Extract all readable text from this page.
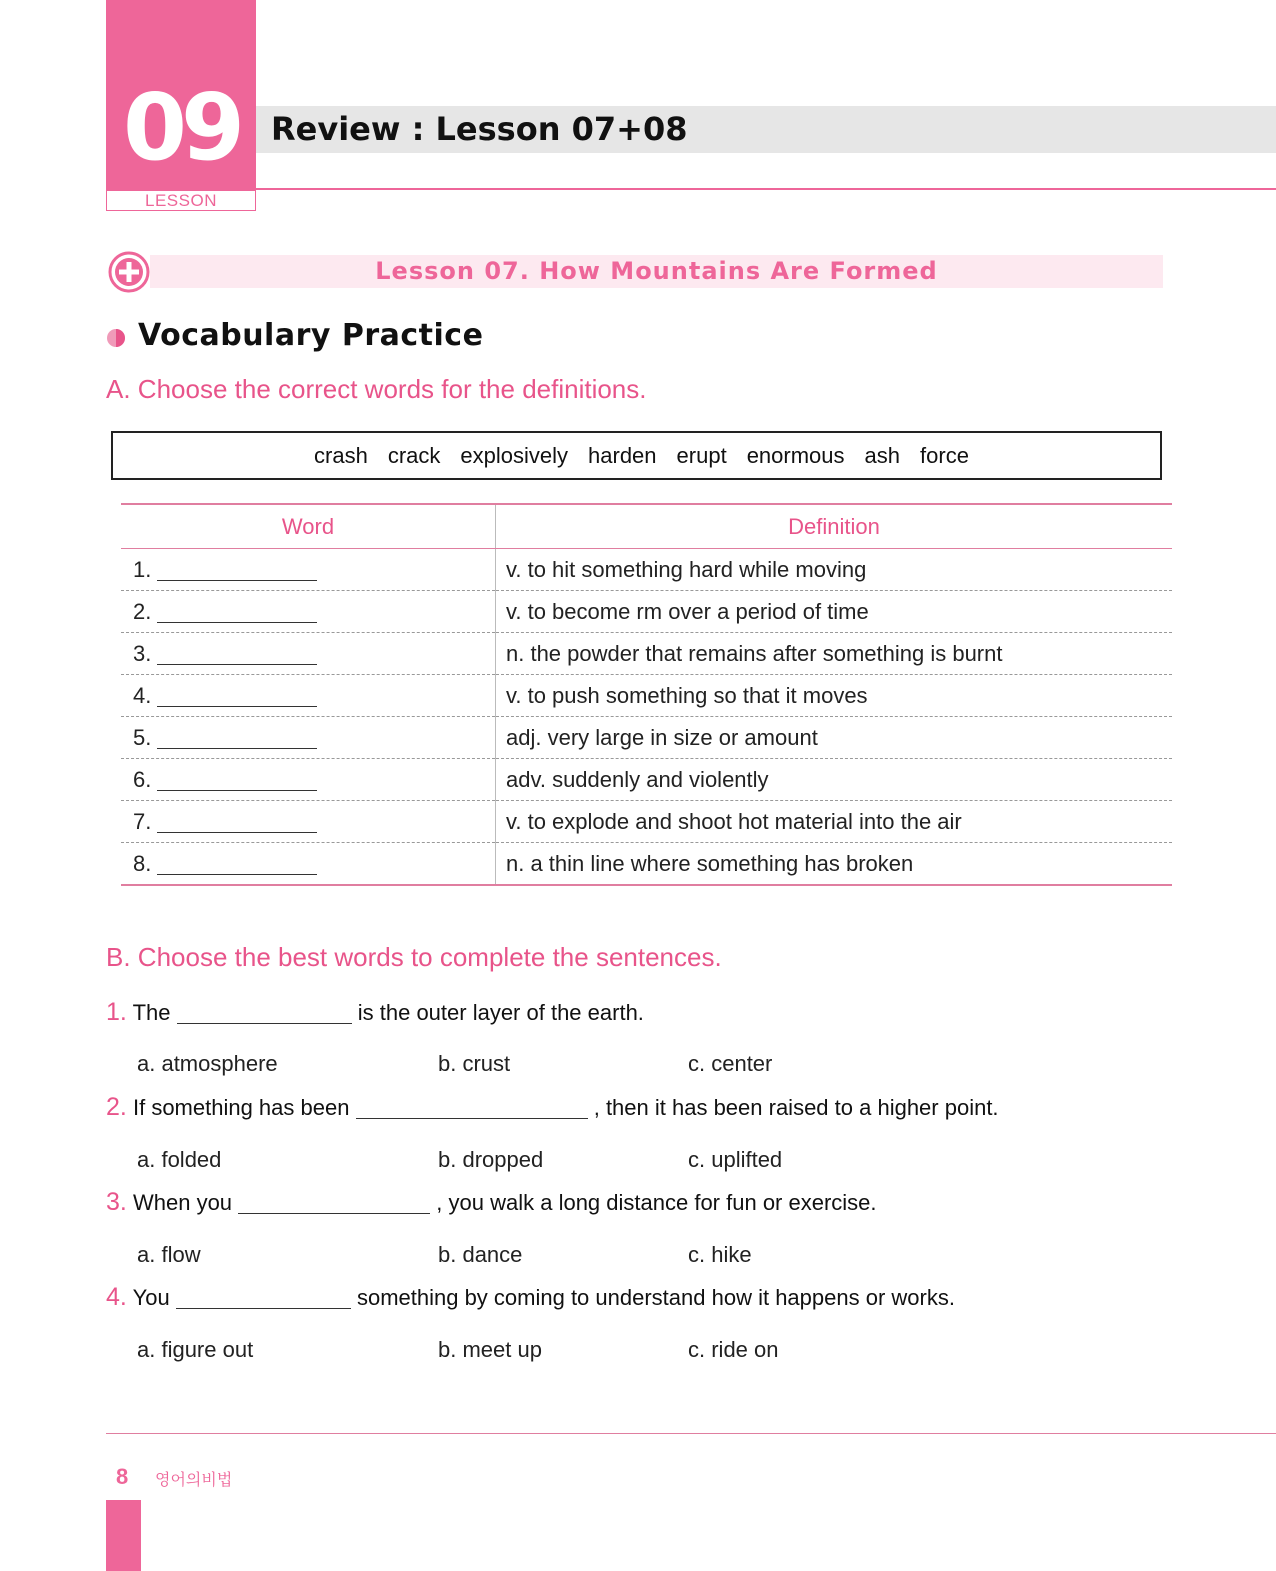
09
LESSON
Review : Lesson 07+08
Lesson 07. How Mountains Are Formed
Vocabulary Practice
A. Choose the correct words for the definitions.
crash crack explosively harden erupt enormous ash force
Word	Definition
1.	v. to hit something hard while moving
2.	v. to become rm over a period of time
3.	n. the powder that remains after something is burnt
4.	v. to push something so that it moves
5.	adj. very large in size or amount
6.	adv. suddenly and violently
7.	v. to explode and shoot hot material into the air
8.	n. a thin line where something has broken
B. Choose the best words to complete the sentences.
1. The	is the outer layer of the earth.
a. atmosphere	b. crust	c. center
2. If something has been	, then it has been raised to a higher point.
a. folded	b. dropped	c. uplifted
3. When you	, you walk a long distance for fun or exercise.
a. flow	b. dance	c. hike
4. You	something by coming to understand how it happens or works.
a. figure out	b. meet up	c. ride on
8 영어의비법
